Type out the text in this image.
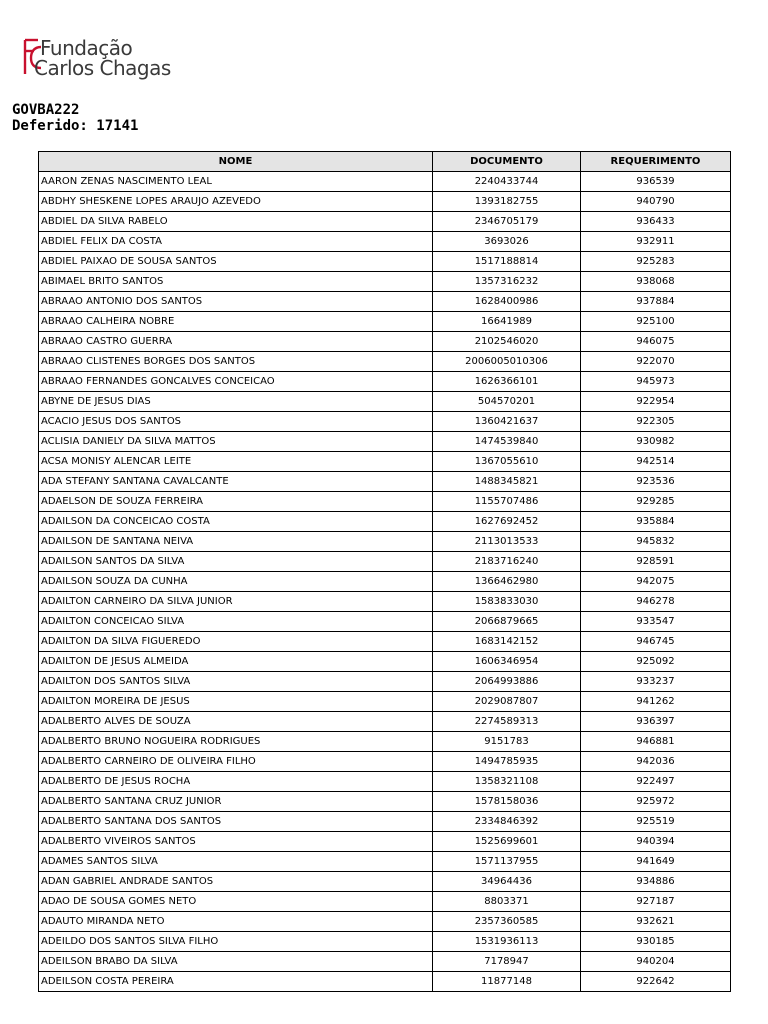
Fundação
Carlos Chagas
GOVBA222
Deferido: 17141
NOME	DOCUMENTO	REQUERIMENTO
AARON ZENAS NASCIMENTO LEAL	2240433744	936539
ABDHY SHESKENE LOPES ARAUJO AZEVEDO	1393182755	940790
ABDIEL DA SILVA RABELO	2346705179	936433
ABDIEL FELIX DA COSTA	3693026	932911
ABDIEL PAIXAO DE SOUSA SANTOS	1517188814	925283
ABIMAEL BRITO SANTOS	1357316232	938068
ABRAAO ANTONIO DOS SANTOS	1628400986	937884
ABRAAO CALHEIRA NOBRE	16641989	925100
ABRAAO CASTRO GUERRA	2102546020	946075
ABRAAO CLISTENES BORGES DOS SANTOS	2006005010306	922070
ABRAAO FERNANDES GONCALVES CONCEICAO	1626366101	945973
ABYNE DE JESUS DIAS	504570201	922954
ACACIO JESUS DOS SANTOS	1360421637	922305
ACLISIA DANIELY DA SILVA MATTOS	1474539840	930982
ACSA MONISY ALENCAR LEITE	1367055610	942514
ADA STEFANY SANTANA CAVALCANTE	1488345821	923536
ADAELSON DE SOUZA FERREIRA	1155707486	929285
ADAILSON DA CONCEICAO COSTA	1627692452	935884
ADAILSON DE SANTANA NEIVA	2113013533	945832
ADAILSON SANTOS DA SILVA	2183716240	928591
ADAILSON SOUZA DA CUNHA	1366462980	942075
ADAILTON CARNEIRO DA SILVA JUNIOR	1583833030	946278
ADAILTON CONCEICAO SILVA	2066879665	933547
ADAILTON DA SILVA FIGUEREDO	1683142152	946745
ADAILTON DE JESUS ALMEIDA	1606346954	925092
ADAILTON DOS SANTOS SILVA	2064993886	933237
ADAILTON MOREIRA DE JESUS	2029087807	941262
ADALBERTO ALVES DE SOUZA	2274589313	936397
ADALBERTO BRUNO NOGUEIRA RODRIGUES	9151783	946881
ADALBERTO CARNEIRO DE OLIVEIRA FILHO	1494785935	942036
ADALBERTO DE JESUS ROCHA	1358321108	922497
ADALBERTO SANTANA CRUZ JUNIOR	1578158036	925972
ADALBERTO SANTANA DOS SANTOS	2334846392	925519
ADALBERTO VIVEIROS SANTOS	1525699601	940394
ADAMES SANTOS SILVA	1571137955	941649
ADAN GABRIEL ANDRADE SANTOS	34964436	934886
ADAO DE SOUSA GOMES NETO	8803371	927187
ADAUTO MIRANDA NETO	2357360585	932621
ADEILDO DOS SANTOS SILVA FILHO	1531936113	930185
ADEILSON BRABO DA SILVA	7178947	940204
ADEILSON COSTA PEREIRA	11877148	922642
